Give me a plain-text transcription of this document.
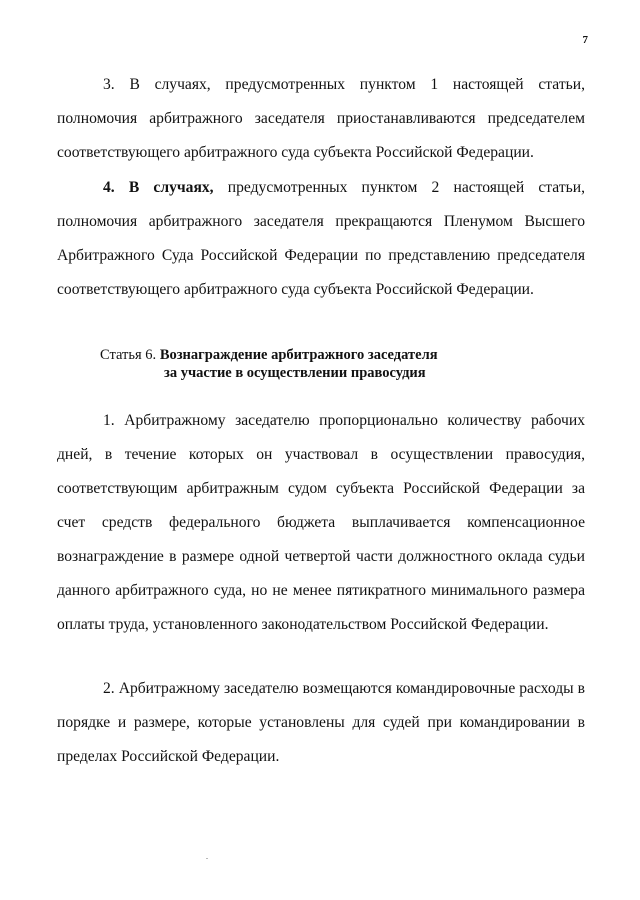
7

3. В случаях, предусмотренных пунктом 1 настоящей статьи, полномочия арбитражного заседателя приостанавливаются председателем соответствующего арбитражного суда субъекта Российской Федерации.

4. В случаях, предусмотренных пунктом 2 настоящей статьи, полномочия арбитражного заседателя прекращаются Пленумом Высшего Арбитражного Суда Российской Федерации по представлению председателя соответствующего арбитражного суда субъекта Российской Федерации.

Статья 6. Вознаграждение арбитражного заседателя
за участие в осуществлении правосудия

1. Арбитражному заседателю пропорционально количеству рабочих дней, в течение которых он участвовал в осуществлении правосудия, соответствующим арбитражным судом субъекта Российской Федерации за счет средств федерального бюджета выплачивается компенсационное вознаграждение в размере одной четвертой части должностного оклада судьи данного арбитражного суда, но не менее пятикратного минимального размера оплаты труда, установленного законодательством Российской Федерации.

2. Арбитражному заседателю возмещаются командировочные расходы в порядке и размере, которые установлены для судей при командировании в пределах Российской Федерации.
